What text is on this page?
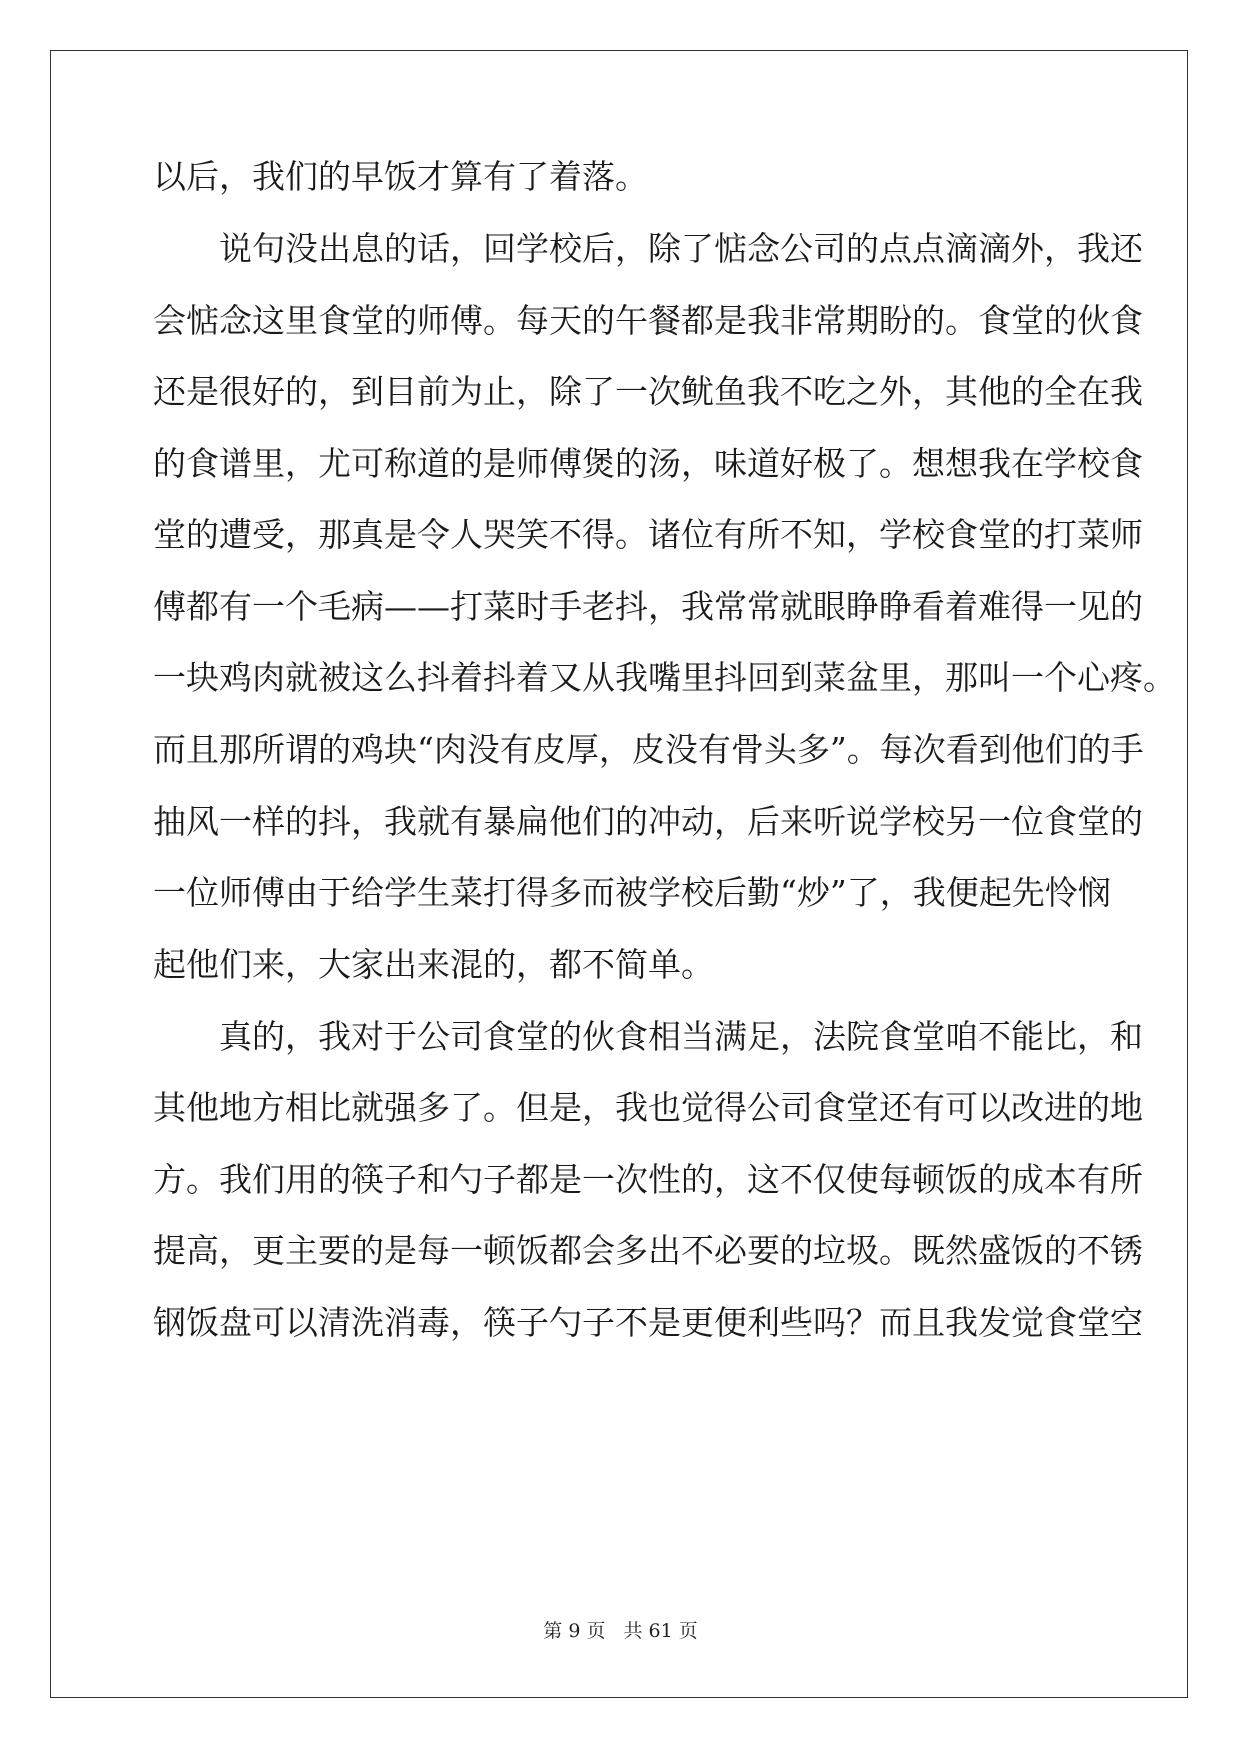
以后，我们的早饭才算有了着落。
说句没出息的话，回学校后，除了惦念公司的点点滴滴外，我还
会惦念这里食堂的师傅。每天的午餐都是我非常期盼的。食堂的伙食
还是很好的，到目前为止，除了一次鱿鱼我不吃之外，其他的全在我
的食谱里，尤可称道的是师傅煲的汤，味道好极了。想想我在学校食
堂的遭受，那真是令人哭笑不得。诸位有所不知，学校食堂的打菜师
傅都有一个毛病——打菜时手老抖，我常常就眼睁睁看着难得一见的
一块鸡肉就被这么抖着抖着又从我嘴里抖回到菜盆里，那叫一个心疼。
而且那所谓的鸡块“肉没有皮厚，皮没有骨头多”。每次看到他们的手
抽风一样的抖，我就有暴扁他们的冲动，后来听说学校另一位食堂的
一位师傅由于给学生菜打得多而被学校后勤“炒”了，我便起先怜悯
起他们来，大家出来混的，都不简单。
真的，我对于公司食堂的伙食相当满足，法院食堂咱不能比，和
其他地方相比就强多了。但是，我也觉得公司食堂还有可以改进的地
方。我们用的筷子和勺子都是一次性的，这不仅使每顿饭的成本有所
提高，更主要的是每一顿饭都会多出不必要的垃圾。既然盛饭的不锈
钢饭盘可以清洗消毒，筷子勺子不是更便利些吗？而且我发觉食堂空
第 9 页 共 61 页
